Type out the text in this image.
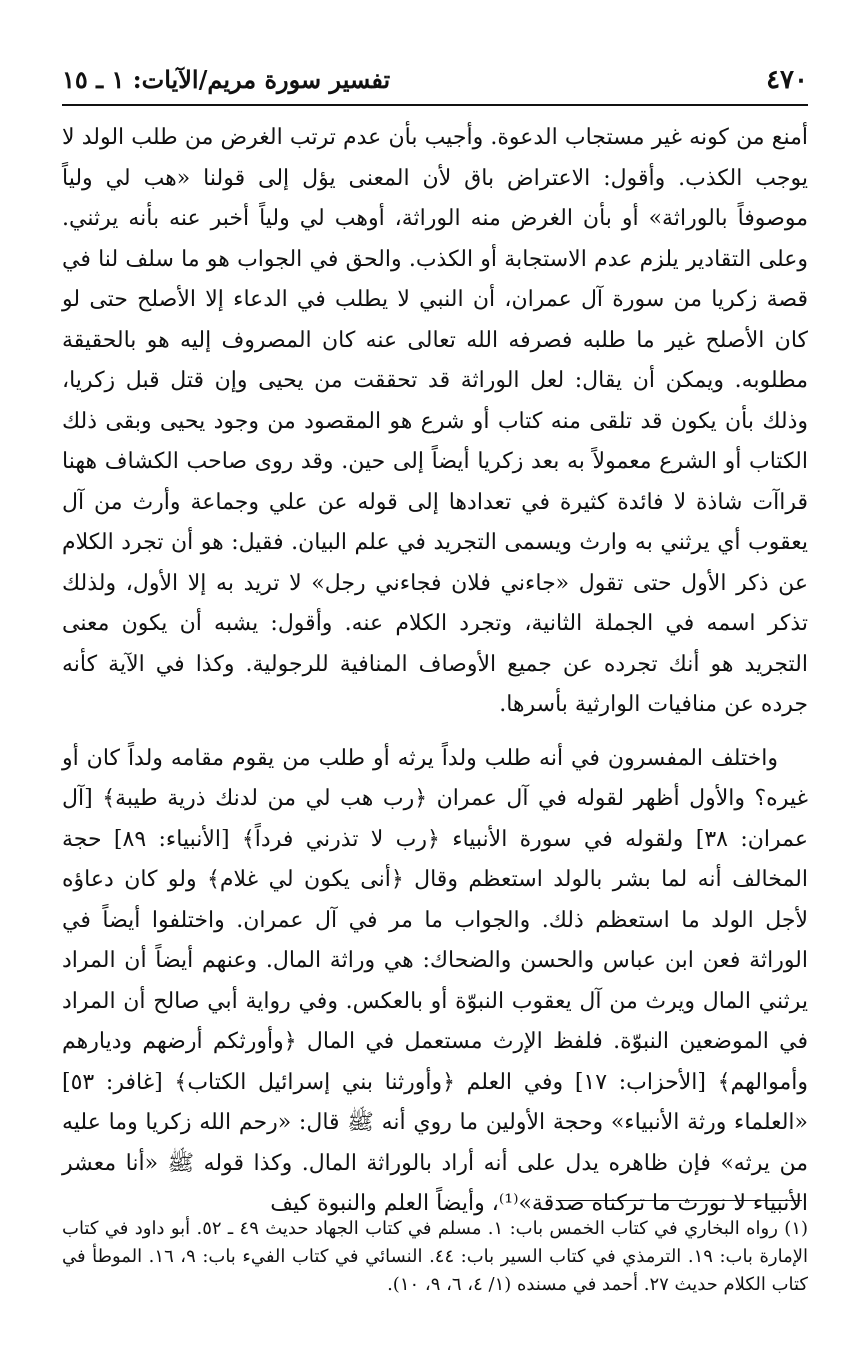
٤٧٠
تفسير سورة مريم/الآيات: ١ ـ ١٥

أمنع من كونه غير مستجاب الدعوة. وأجيب بأن عدم ترتب الغرض من طلب الولد لا يوجب الكذب. وأقول: الاعتراض باق لأن المعنى يؤل إلى قولنا «هب لي ولياً موصوفاً بالوراثة» أو بأن الغرض منه الوراثة، أوهب لي ولياً أخبر عنه بأنه يرثني. وعلى التقادير يلزم عدم الاستجابة أو الكذب. والحق في الجواب هو ما سلف لنا في قصة زكريا من سورة آل عمران، أن النبي لا يطلب في الدعاء إلا الأصلح حتى لو كان الأصلح غير ما طلبه فصرفه الله تعالى عنه كان المصروف إليه هو بالحقيقة مطلوبه. ويمكن أن يقال: لعل الوراثة قد تحققت من يحيى وإن قتل قبل زكريا، وذلك بأن يكون قد تلقى منه كتاب أو شرع هو المقصود من وجود يحيى وبقى ذلك الكتاب أو الشرع معمولاً به بعد زكريا أيضاً إلى حين. وقد روى صاحب الكشاف ههنا قراآت شاذة لا فائدة كثيرة في تعدادها إلى قوله عن علي وجماعة وأرث من آل يعقوب أي يرثني به وارث ويسمى التجريد في علم البيان. فقيل: هو أن تجرد الكلام عن ذكر الأول حتى تقول «جاءني فلان فجاءني رجل» لا تريد به إلا الأول، ولذلك تذكر اسمه في الجملة الثانية، وتجرد الكلام عنه. وأقول: يشبه أن يكون معنى التجريد هو أنك تجرده عن جميع الأوصاف المنافية للرجولية. وكذا في الآية كأنه جرده عن منافيات الوارثية بأسرها.

واختلف المفسرون في أنه طلب ولداً يرثه أو طلب من يقوم مقامه ولداً كان أو غيره؟ والأول أظهر لقوله في آل عمران ﴿رب هب لي من لدنك ذرية طيبة﴾ [آل عمران: ٣٨] ولقوله في سورة الأنبياء ﴿رب لا تذرني فرداً﴾ [الأنبياء: ٨٩] حجة المخالف أنه لما بشر بالولد استعظم وقال ﴿أنى يكون لي غلام﴾ ولو كان دعاؤه لأجل الولد ما استعظم ذلك. والجواب ما مر في آل عمران. واختلفوا أيضاً في الوراثة فعن ابن عباس والحسن والضحاك: هي وراثة المال. وعنهم أيضاً أن المراد يرثني المال ويرث من آل يعقوب النبوّة أو بالعكس. وفي رواية أبي صالح أن المراد في الموضعين النبوّة. فلفظ الإرث مستعمل في المال ﴿وأورثكم أرضهم وديارهم وأموالهم﴾ [الأحزاب: ١٧] وفي العلم ﴿وأورثنا بني إسرائيل الكتاب﴾ [غافر: ٥٣] «العلماء ورثة الأنبياء» وحجة الأولين ما روي أنه ﷺ قال: «رحم الله زكريا وما عليه من يرثه» فإن ظاهره يدل على أنه أراد بالوراثة المال. وكذا قوله ﷺ «أنا معشر الأنبياء لا نورث ما تركناه صدقة»⁽¹⁾، وأيضاً العلم والنبوة كيف

(١) رواه البخاري في كتاب الخمس باب: ١. مسلم في كتاب الجهاد حديث ٤٩ ـ ٥٢. أبو داود في كتاب الإمارة باب: ١٩. الترمذي في كتاب السير باب: ٤٤. النسائي في كتاب الفيء باب: ٩، ١٦. الموطأ في كتاب الكلام حديث ٢٧. أحمد في مسنده (١/ ٤، ٦، ٩، ١٠).
